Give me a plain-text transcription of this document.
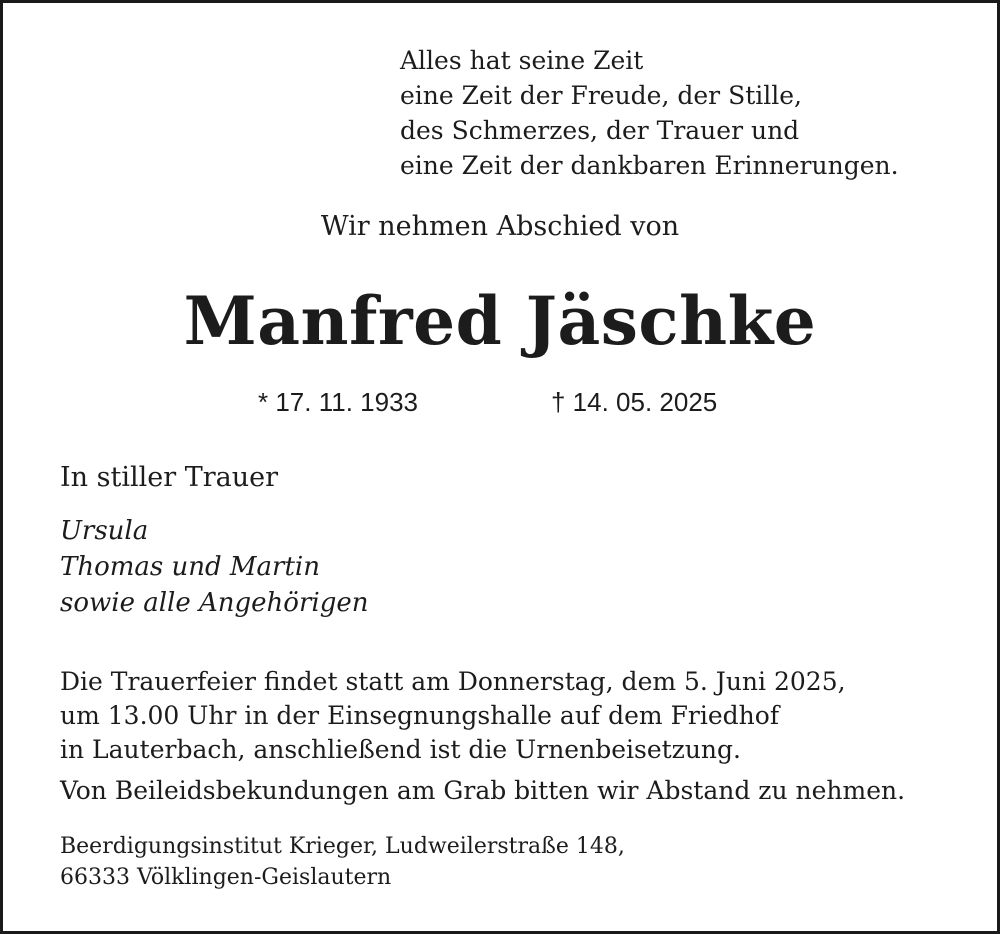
Alles hat seine Zeit
eine Zeit der Freude, der Stille,
des Schmerzes, der Trauer und
eine Zeit der dankbaren Erinnerungen.

Wir nehmen Abschied von

Manfred Jäschke
* 17. 11. 1933	† 14. 05. 2025

In stiller Trauer

Ursula
Thomas und Martin
sowie alle Angehörigen
Die Trauerfeier findet statt am Donnerstag, dem 5. Juni 2025,
um 13.00 Uhr in der Einsegnungshalle auf dem Friedhof
in Lauterbach, anschließend ist die Urnenbeisetzung.

Von Beileidsbekundungen am Grab bitten wir Abstand zu nehmen.

Beerdigungsinstitut Krieger, Ludweilerstraße 148,
66333 Völklingen-Geislautern
